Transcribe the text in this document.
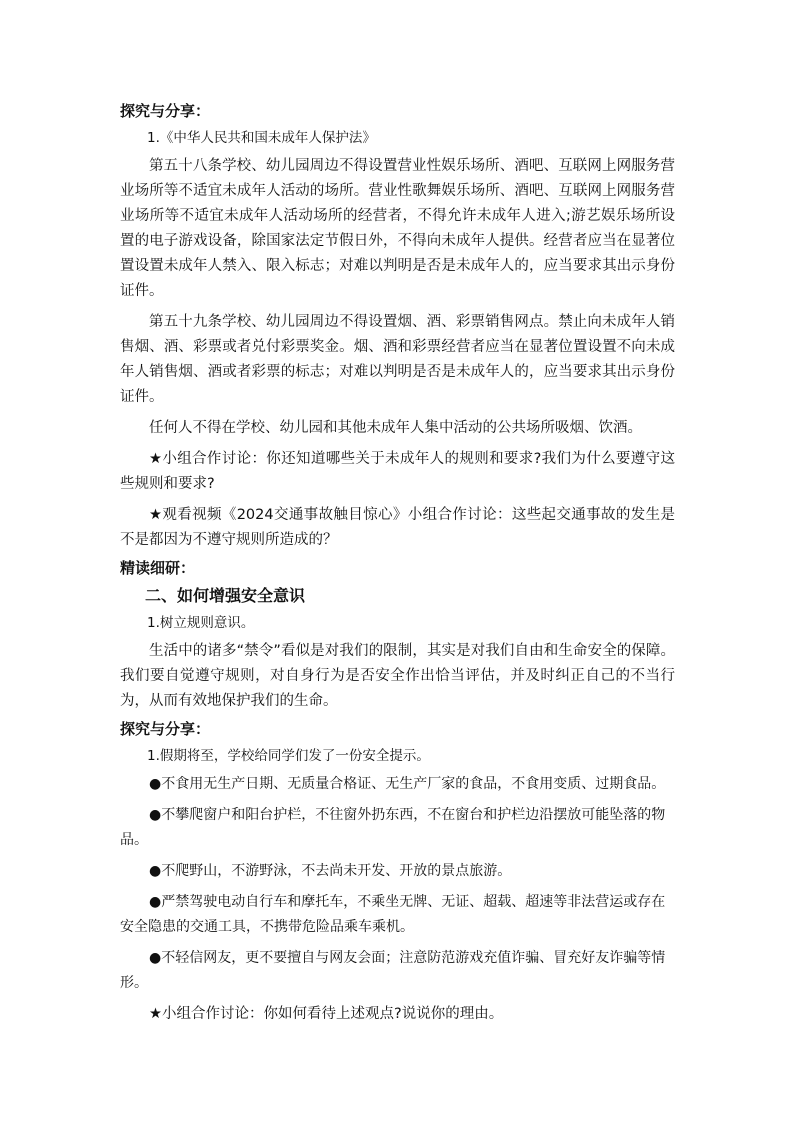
探究与分享：
1.《中华人民共和国未成年人保护法》

第五十八条学校、幼儿园周边不得设置营业性娱乐场所、酒吧、互联网上网服务营业场所等不适宜未成年人活动的场所。营业性歌舞娱乐场所、酒吧、互联网上网服务营业场所等不适宜未成年人活动场所的经营者，不得允许未成年人进入;游艺娱乐场所设置的电子游戏设备，除国家法定节假日外，不得向未成年人提供。经营者应当在显著位置设置未成年人禁入、限入标志；对难以判明是否是未成年人的，应当要求其出示身份证件。

第五十九条学校、幼儿园周边不得设置烟、酒、彩票销售网点。禁止向未成年人销售烟、酒、彩票或者兑付彩票奖金。烟、酒和彩票经营者应当在显著位置设置不向未成年人销售烟、酒或者彩票的标志；对难以判明是否是未成年人的，应当要求其出示身份证件。

任何人不得在学校、幼儿园和其他未成年人集中活动的公共场所吸烟、饮酒。

★小组合作讨论：你还知道哪些关于未成年人的规则和要求?我们为什么要遵守这些规则和要求?

★观看视频《2024交通事故触目惊心》小组合作讨论：这些起交通事故的发生是不是都因为不遵守规则所造成的？

精读细研：
二、如何增强安全意识
1.树立规则意识。

生活中的诸多“禁令”看似是对我们的限制，其实是对我们自由和生命安全的保障。我们要自觉遵守规则，对自身行为是否安全作出恰当评估，并及时纠正自己的不当行为，从而有效地保护我们的生命。

探究与分享：
1.假期将至，学校给同学们发了一份安全提示。

●不食用无生产日期、无质量合格证、无生产厂家的食品，不食用变质、过期食品。

●不攀爬窗户和阳台护栏，不往窗外扔东西，不在窗台和护栏边沿摆放可能坠落的物品。

●不爬野山，不游野泳，不去尚未开发、开放的景点旅游。

●严禁驾驶电动自行车和摩托车，不乘坐无牌、无证、超载、超速等非法营运或存在安全隐患的交通工具，不携带危险品乘车乘机。

●不轻信网友，更不要擅自与网友会面；注意防范游戏充值诈骗、冒充好友诈骗等情形。

★小组合作讨论：你如何看待上述观点?说说你的理由。
